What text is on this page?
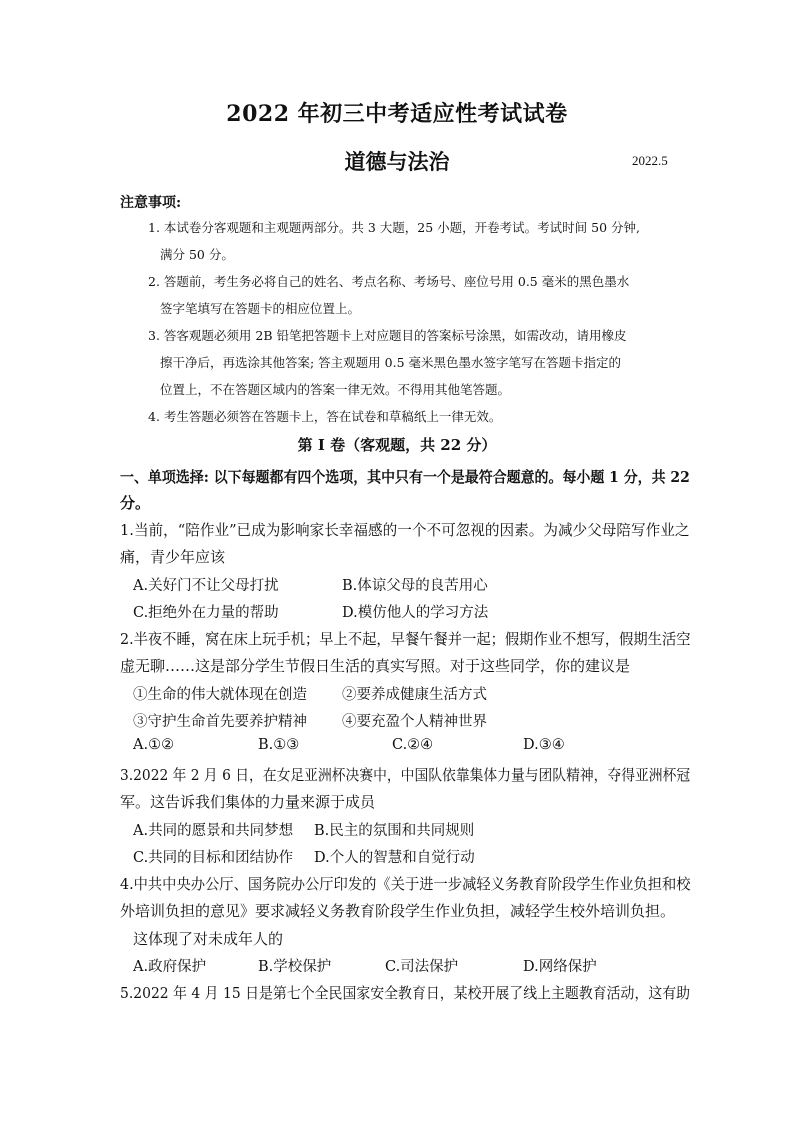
2022 年初三中考适应性考试试卷
道德与法治	2022.5
注意事项:
1. 本试卷分客观题和主观题两部分。共 3 大题，25 小题，开卷考试。考试时间 50 分钟,
满分 50 分。
2. 答题前，考生务必将自己的姓名、考点名称、考场号、座位号用 0.5 毫米的黑色墨水
签字笔填写在答题卡的相应位置上。
3. 答客观题必须用 2B 铅笔把答题卡上对应题目的答案标号涂黑，如需改动，请用橡皮
擦干净后，再选涂其他答案; 答主观题用 0.5 毫米黑色墨水签字笔写在答题卡指定的
位置上，不在答题区域内的答案一律无效。不得用其他笔答题。
4. 考生答题必须答在答题卡上，答在试卷和草稿纸上一律无效。
第 I 卷（客观题，共 22 分）
一、单项选择: 以下每题都有四个选项，其中只有一个是最符合题意的。每小题 1 分，共 22
分。
1.当前，“陪作业”已成为影响家长幸福感的一个不可忽视的因素。为减少父母陪写作业之
痛，青少年应该
A.关好门不让父母打扰	B.体谅父母的良苦用心
C.拒绝外在力量的帮助	D.模仿他人的学习方法
2.半夜不睡，窝在床上玩手机；早上不起，早餐午餐并一起；假期作业不想写，假期生活空
虚无聊……这是部分学生节假日生活的真实写照。对于这些同学，你的建议是
①生命的伟大就体现在创造 ②要养成健康生活方式
③守护生命首先要养护精神 ④要充盈个人精神世界
A.①②	B.①③	C.②④	D.③④
3.2022 年 2 月 6 日，在女足亚洲杯决赛中，中国队依靠集体力量与团队精神，夺得亚洲杯冠
军。这告诉我们集体的力量来源于成员
A.共同的愿景和共同梦想 B.民主的氛围和共同规则
C.共同的目标和团结协作 D.个人的智慧和自觉行动
4.中共中央办公厅、国务院办公厅印发的《关于进一步减轻义务教育阶段学生作业负担和校
外培训负担的意见》要求减轻义务教育阶段学生作业负担，减轻学生校外培训负担。
这体现了对未成年人的
A.政府保护	B.学校保护	C.司法保护	D.网络保护
5.2022 年 4 月 15 日是第七个全民国家安全教育日，某校开展了线上主题教育活动，这有助
